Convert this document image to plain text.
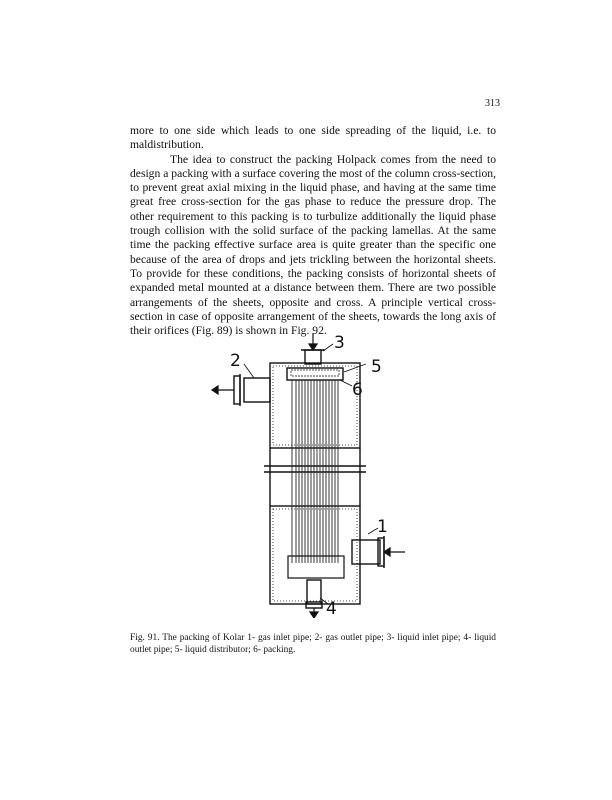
313

more to one side which leads to one side spreading of the liquid, i.e. to maldistribution.

The idea to construct the packing Holpack comes from the need to design a packing with a surface covering the most of the column cross-section, to prevent great axial mixing in the liquid phase, and having at the same time great free cross-section for the gas phase to reduce the pressure drop. The other requirement to this packing is to turbulize additionally the liquid phase trough collision with the solid surface of the packing lamellas. At the same time the packing effective surface area is quite greater than the specific one because of the area of drops and jets trickling between the horizontal sheets. To provide for these conditions, the packing consists of horizontal sheets of expanded metal mounted at a distance between them. There are two possible arrangements of the sheets, opposite and cross. A principle vertical cross-section in case of opposite arrangement of the sheets, towards the long axis of their orifices (Fig. 89) is shown in Fig. 92.

3
2	5
6
1
4

Fig. 91. The packing of Kolar 1- gas inlet pipe; 2- gas outlet pipe; 3- liquid inlet pipe; 4- liquid outlet pipe; 5- liquid distributor; 6- packing.
